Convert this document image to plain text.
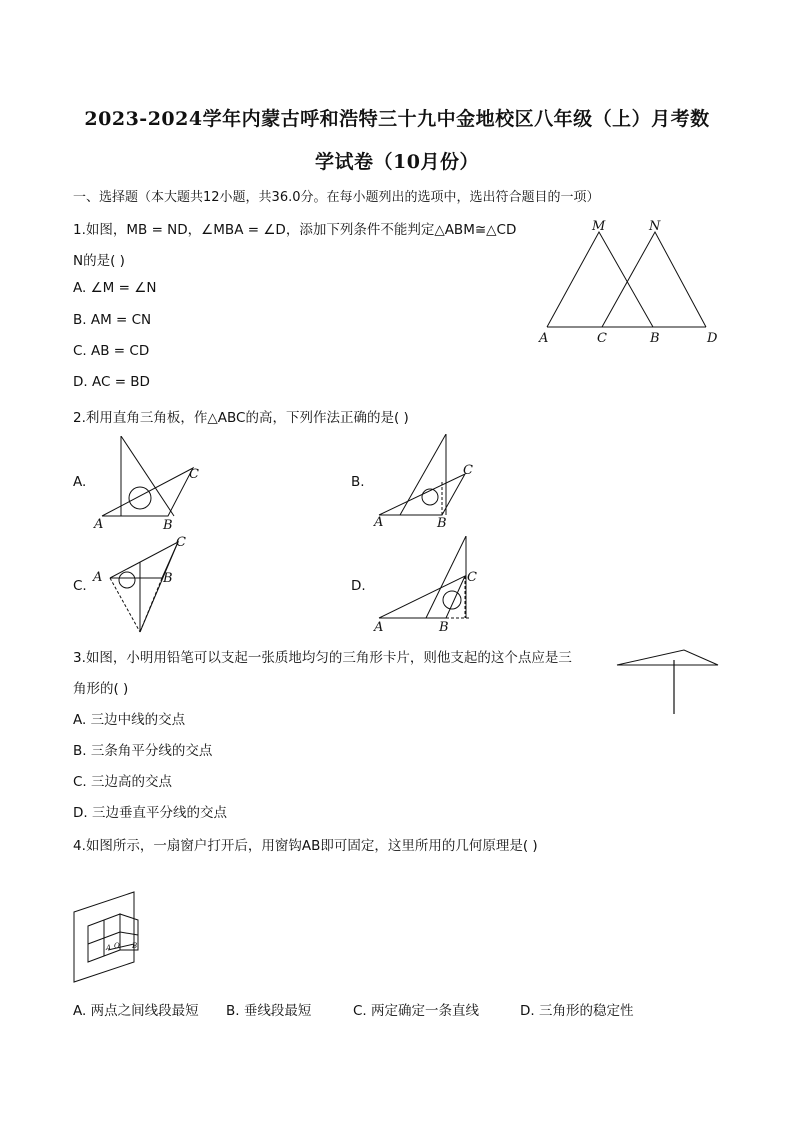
2023-2024学年内蒙古呼和浩特三十九中金地校区八年级（上）月考数
学试卷（10月份）
一、选择题（本大题共12小题，共36.0分。在每小题列出的选项中，选出符合题目的一项）
1.如图，MB = ND，∠MBA = ∠D，添加下列条件不能判定△ABM≅△CD
N的是( )
A. ∠M = ∠N
B. AM = CN
C. AB = CD
D. AC = BD
M	N
A	C	B	D
2.利用直角三角板，作△ABC的高，下列作法正确的是( )
A.	C
A	B
B.
C
A	B
C.
C
A	B	D.
C
A	B
3.如图，小明用铅笔可以支起一张质地均匀的三角形卡片，则他支起的这个点应是三
角形的( )
A. 三边中线的交点
B. 三条角平分线的交点
C. 三边高的交点
D. 三边垂直平分线的交点
4.如图所示，一扇窗户打开后，用窗钩AB即可固定，这里所用的几何原理是( )
A O B
A. 两点之间线段最短 B. 垂线段最短	C. 两定确定一条直线	D. 三角形的稳定性
